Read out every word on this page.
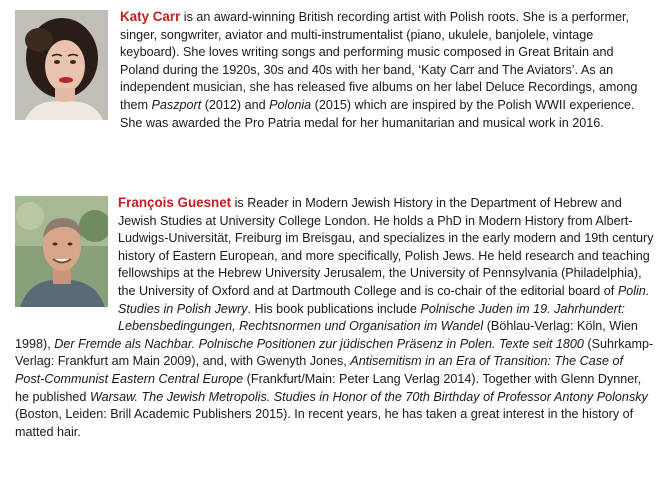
Katy Carr is an award-winning British recording artist with Polish roots. She is a performer, singer, songwriter, aviator and multi-instrumentalist (piano, ukulele, banjolele, vintage keyboard). She loves writing songs and performing music composed in Great Britain and Poland during the 1920s, 30s and 40s with her band, ‘Katy Carr and The Aviators’. As an independent musician, she has released five albums on her label Deluce Recordings, among them Paszport (2012) and Polonia (2015) which are inspired by the Polish WWII experience. She was awarded the Pro Patria medal for her humanitarian and musical work in 2016.
François Guesnet is Reader in Modern Jewish History in the Department of Hebrew and Jewish Studies at University College London. He holds a PhD in Modern History from Albert-Ludwigs-Universität, Freiburg im Breisgau, and specializes in the early modern and 19th century history of Eastern European, and more specifically, Polish Jews. He held research and teaching fellowships at the Hebrew University Jerusalem, the University of Pennsylvania (Philadelphia), the University of Oxford and at Dartmouth College and is co-chair of the editorial board of Polin. Studies in Polish Jewry. His book publications include Polnische Juden im 19. Jahrhundert: Lebensbedingungen, Rechtsnormen und Organisation im Wandel (Böhlau-Verlag: Köln, Wien 1998), Der Fremde als Nachbar. Polnische Positionen zur jüdischen Präsenz in Polen. Texte seit 1800 (Suhrkamp-Verlag: Frankfurt am Main 2009), and, with Gwenyth Jones, Antisemitism in an Era of Transition: The Case of Post-Communist Eastern Central Europe (Frankfurt/Main: Peter Lang Verlag 2014). Together with Glenn Dynner, he published Warsaw. The Jewish Metropolis. Studies in Honor of the 70th Birthday of Professor Antony Polonsky (Boston, Leiden: Brill Academic Publishers 2015). In recent years, he has taken a great interest in the history of matted hair.
